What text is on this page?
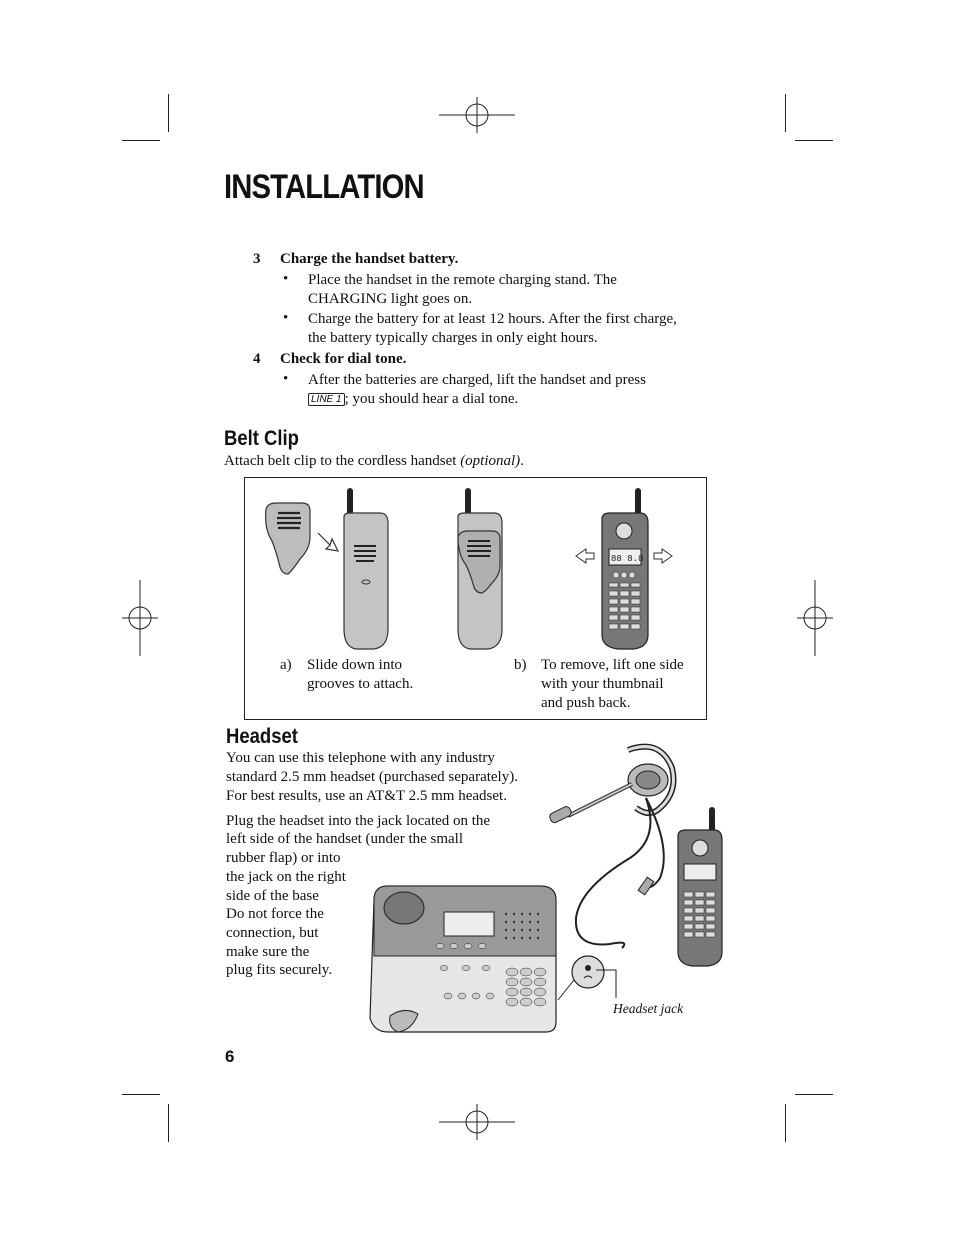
INSTALLATION
3 Charge the handset battery.
• Place the handset in the remote charging stand. The
CHARGING light goes on.
• Charge the battery for at least 12 hours. After the first charge,
the battery typically charges in only eight hours.
4 Check for dial tone.
• After the batteries are charged, lift the handset and press
LINE 1 ; you should hear a dial tone.
Belt Clip
Attach belt clip to the cordless handset (optional).
88 8.8
a) Slide down into
grooves to attach.
b) To remove, lift one side
with your thumbnail
and push back.
Headset
You can use this telephone with any industry
standard 2.5 mm headset (purchased separately).
For best results, use an AT&T 2.5 mm headset.
Plug the headset into the jack located on the
left side of the handset (under the small
rubber flap) or into
the jack on the right
side of the base
Do not force the
connection, but
make sure the
plug fits securely.
Headset jack
6
